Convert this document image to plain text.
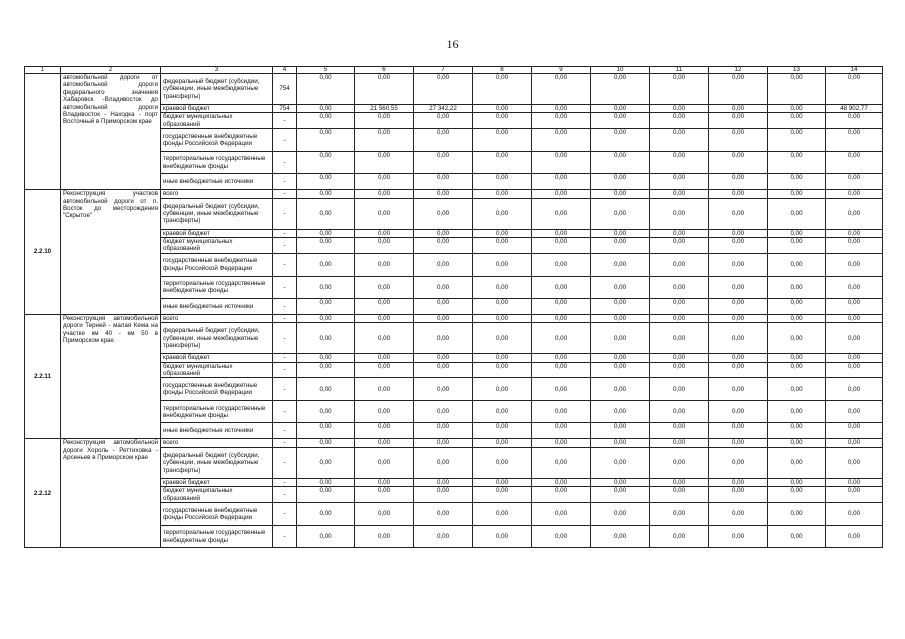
16
1	2	3	4	5	6	7	8	9	10	11	12	13	14
	автомобильной дороги от автомобильной дороги федерального значения Хабаровск -Владивосток до автомобильной дороги Владивосток - Находка - порт Восточный в Приморском крае	федеральный бюджет (субсидии, субвенции, иные межбюджетные трансферты)	754	0,00	0,00	0,00	0,00	0,00	0,00	0,00	0,00	0,00	0,00
		краевой бюджет	754	0,00	21 560,55	27 342,22	0,00	0,00	0,00	0,00	0,00	0,00	48 902,77
		бюджет муниципальных образований	-	0,00	0,00	0,00	0,00	0,00	0,00	0,00	0,00	0,00	0,00
		государственные внебюджетные фонды Российской Федерации	-	0,00	0,00	0,00	0,00	0,00	0,00	0,00	0,00	0,00	0,00
		территориальные государственные внебюджетные фонды	-	0,00	0,00	0,00	0,00	0,00	0,00	0,00	0,00	0,00	0,00
		иные внебюджетные источники	-	0,00	0,00	0,00	0,00	0,00	0,00	0,00	0,00	0,00	0,00
2.2.10	Реконструкция участков автомобильной дороги от п. Восток до месторождения "Скрытое"	всего	-	0,00	0,00	0,00	0,00	0,00	0,00	0,00	0,00	0,00	0,00
		федеральный бюджет (субсидии, субвенции, иные межбюджетные трансферты)	-	0,00	0,00	0,00	0,00	0,00	0,00	0,00	0,00	0,00	0,00
		краевой бюджет	-	0,00	0,00	0,00	0,00	0,00	0,00	0,00	0,00	0,00	0,00
		бюджет муниципальных образований	-	0,00	0,00	0,00	0,00	0,00	0,00	0,00	0,00	0,00	0,00
		государственные внебюджетные фонды Российской Федерации	-	0,00	0,00	0,00	0,00	0,00	0,00	0,00	0,00	0,00	0,00
		территориальные государственные внебюджетные фонды	-	0,00	0,00	0,00	0,00	0,00	0,00	0,00	0,00	0,00	0,00
		иные внебюджетные источники	-	0,00	0,00	0,00	0,00	0,00	0,00	0,00	0,00	0,00	0,00
2.2.11	Реконструкция автомобильной дороги Терней - малая Кема на участке км 40 - км 50 в Приморском крае	всего	-	0,00	0,00	0,00	0,00	0,00	0,00	0,00	0,00	0,00	0,00
		федеральный бюджет (субсидии, субвенции, иные межбюджетные трансферты)	-	0,00	0,00	0,00	0,00	0,00	0,00	0,00	0,00	0,00	0,00
		краевой бюджет	-	0,00	0,00	0,00	0,00	0,00	0,00	0,00	0,00	0,00	0,00
		бюджет муниципальных образований	-	0,00	0,00	0,00	0,00	0,00	0,00	0,00	0,00	0,00	0,00
		государственные внебюджетные фонды Российской Федерации	-	0,00	0,00	0,00	0,00	0,00	0,00	0,00	0,00	0,00	0,00
		территориальные государственные внебюджетные фонды	-	0,00	0,00	0,00	0,00	0,00	0,00	0,00	0,00	0,00	0,00
		иные внебюджетные источники	-	0,00	0,00	0,00	0,00	0,00	0,00	0,00	0,00	0,00	0,00
2.2.12	Реконструкция автомобильной дороги Хороль - Реттиховка - Арсеньев в Приморском крае	всего	-	0,00	0,00	0,00	0,00	0,00	0,00	0,00	0,00	0,00	0,00
		федеральный бюджет (субсидии, субвенции, иные межбюджетные трансферты)	-	0,00	0,00	0,00	0,00	0,00	0,00	0,00	0,00	0,00	0,00
		краевой бюджет	-	0,00	0,00	0,00	0,00	0,00	0,00	0,00	0,00	0,00	0,00
		бюджет муниципальных образований	-	0,00	0,00	0,00	0,00	0,00	0,00	0,00	0,00	0,00	0,00
		государственные внебюджетные фонды Российской Федерации	-	0,00	0,00	0,00	0,00	0,00	0,00	0,00	0,00	0,00	0,00
		территориальные государственные внебюджетные фонды	-	0,00	0,00	0,00	0,00	0,00	0,00	0,00	0,00	0,00	0,00
